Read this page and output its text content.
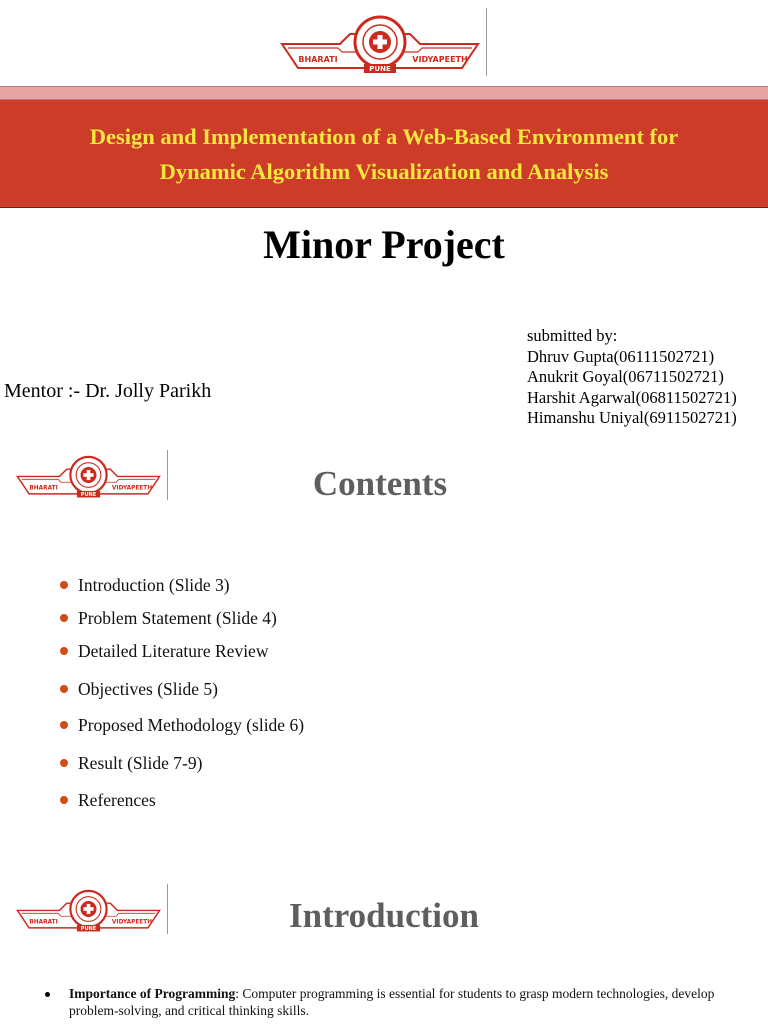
PUNE
BHARATI	VIDYAPEETH
Design and Implementation of a Web-Based Environment for
Dynamic Algorithm Visualization and Analysis
Minor Project
submitted by:
Dhruv Gupta(06111502721)
Anukrit Goyal(06711502721)
Harshit Agarwal(06811502721)
Himanshu Uniyal(6911502721)
Mentor :- Dr. Jolly Parikh
PUNE
BHARATI	VIDYAPEETH	Contents
Introduction (Slide 3)
Problem Statement (Slide 4)
Detailed Literature Review
Objectives (Slide 5)
Proposed Methodology (slide 6)
Result (Slide 7-9)
References
PUNE
BHARATI	VIDYAPEETH	Introduction
Importance of Programming: Computer programming is essential for students to grasp modern technologies, develop problem-solving, and critical thinking skills.
